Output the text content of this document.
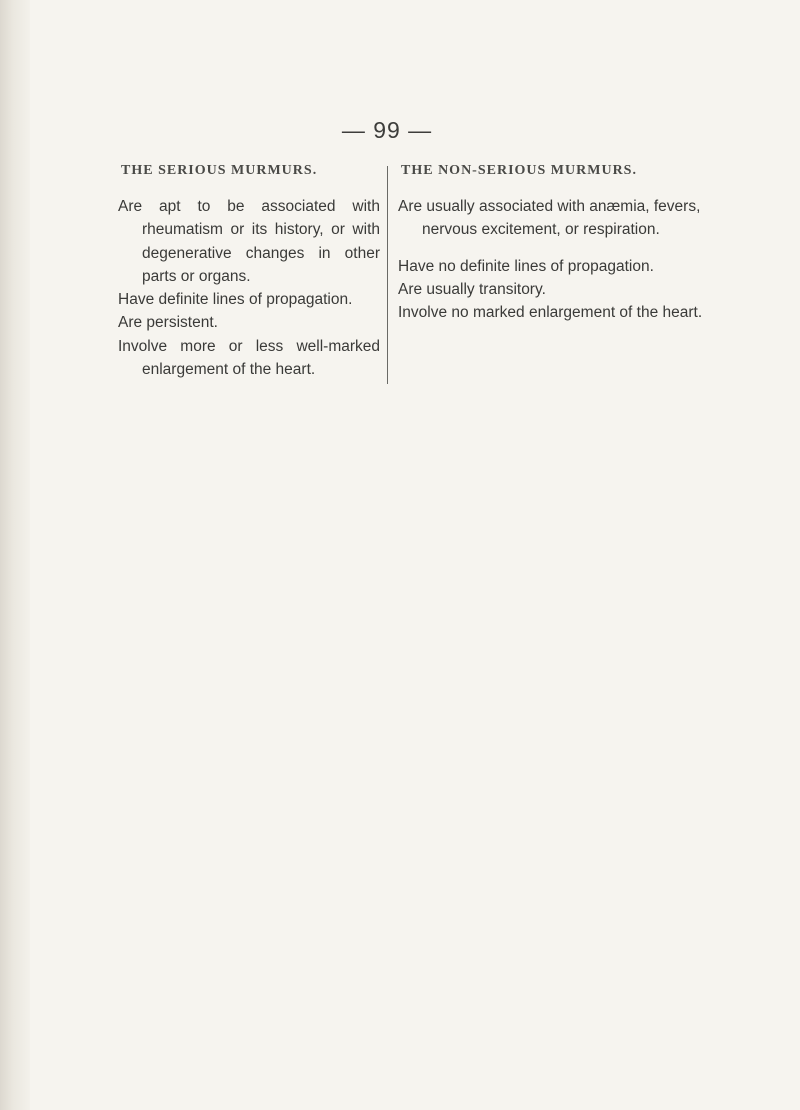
— 99 —
THE SERIOUS MURMURS.

Are apt to be associated with rheumatism or its history, or with degenerative changes in other parts or organs.

Have definite lines of propagation.

Are persistent.

Involve more or less well-marked enlargement of the heart.

THE NON-SERIOUS MURMURS.

Are usually associated with anæmia, fevers, nervous excitement, or respiration.

Have no definite lines of propagation.

Are usually transitory.

Involve no marked enlargement of the heart.
